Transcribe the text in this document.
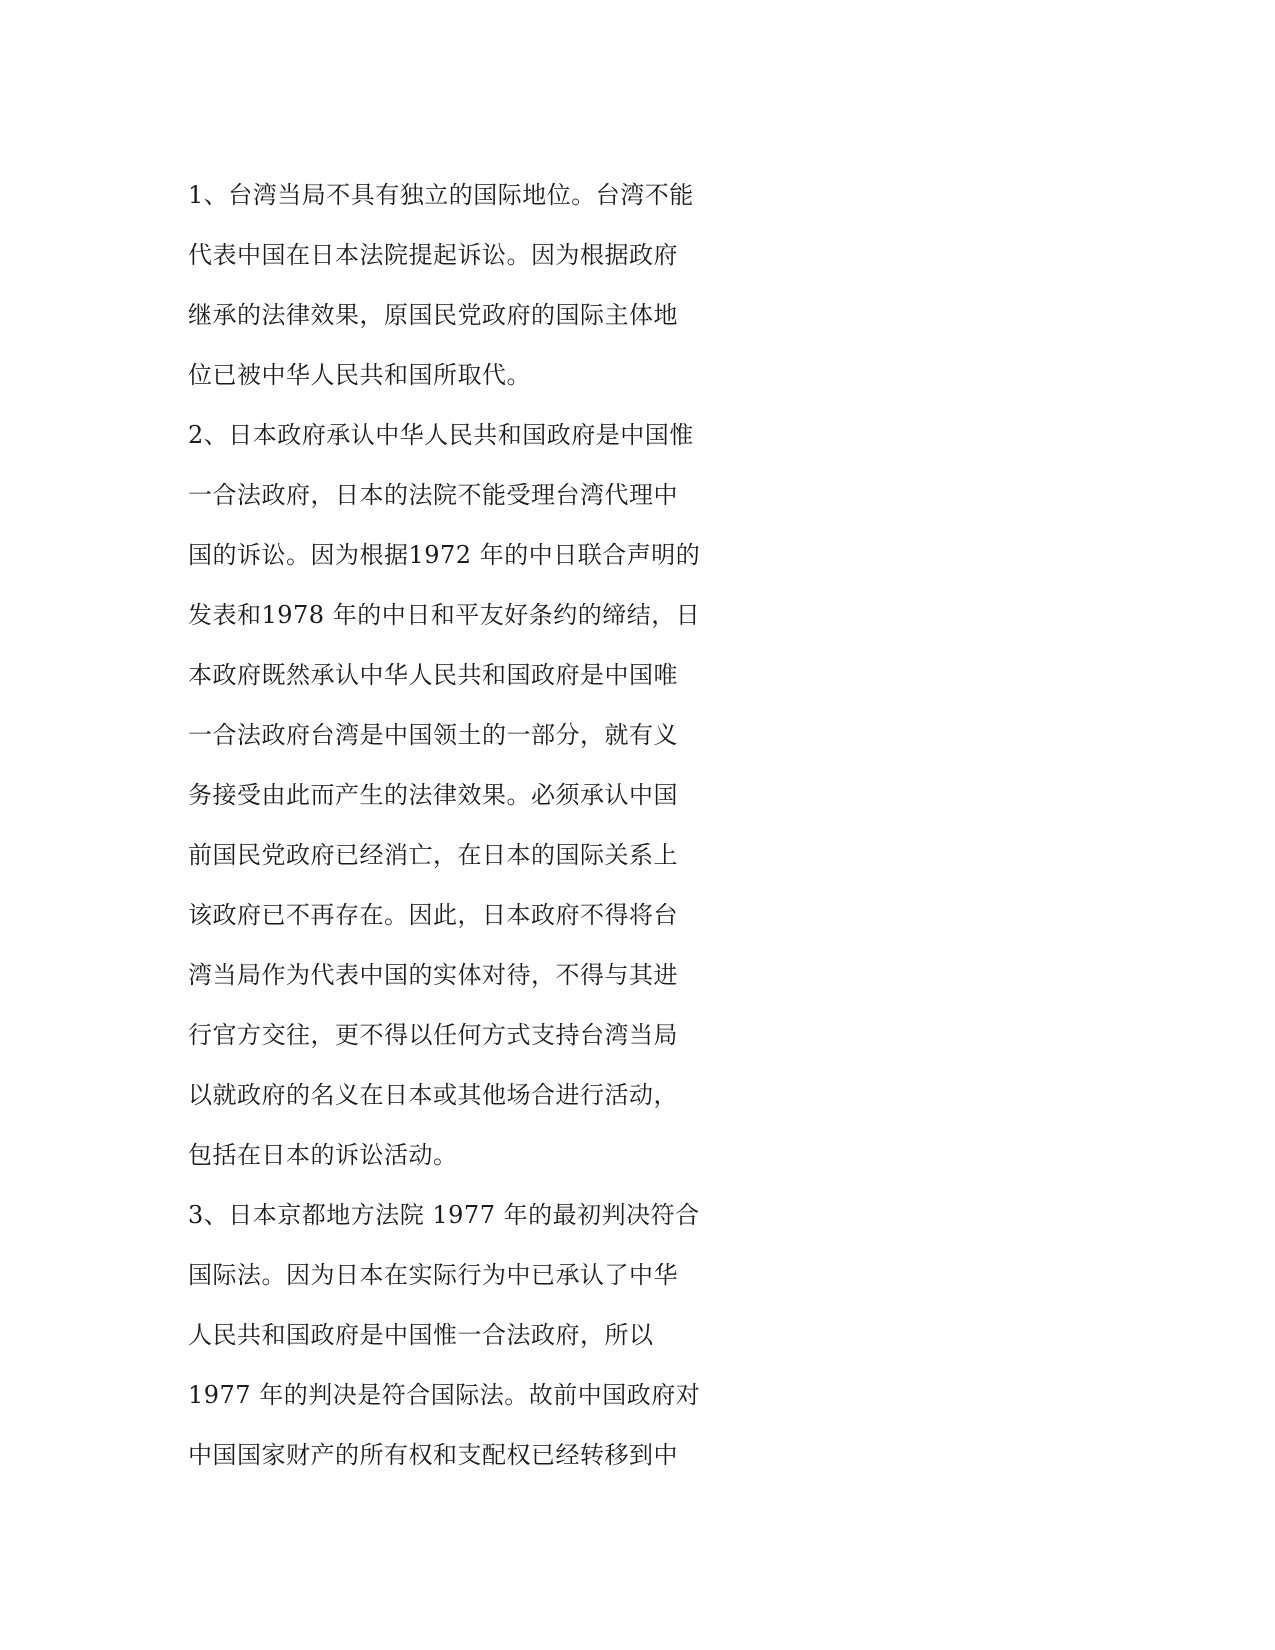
1、台湾当局不具有独立的国际地位。台湾不能
代表中国在日本法院提起诉讼。因为根据政府
继承的法律效果，原国民党政府的国际主体地
位已被中华人民共和国所取代。
2、日本政府承认中华人民共和国政府是中国惟
一合法政府，日本的法院不能受理台湾代理中
国的诉讼。因为根据1972 年的中日联合声明的
发表和1978 年的中日和平友好条约的缔结，日
本政府既然承认中华人民共和国政府是中国唯
一合法政府台湾是中国领土的一部分，就有义
务接受由此而产生的法律效果。必须承认中国
前国民党政府已经消亡，在日本的国际关系上
该政府已不再存在。因此，日本政府不得将台
湾当局作为代表中国的实体对待，不得与其进
行官方交往，更不得以任何方式支持台湾当局
以就政府的名义在日本或其他场合进行活动，
包括在日本的诉讼活动。
3、日本京都地方法院 1977 年的最初判决符合
国际法。因为日本在实际行为中已承认了中华
人民共和国政府是中国惟一合法政府，所以
1977 年的判决是符合国际法。故前中国政府对
中国国家财产的所有权和支配权已经转移到中
